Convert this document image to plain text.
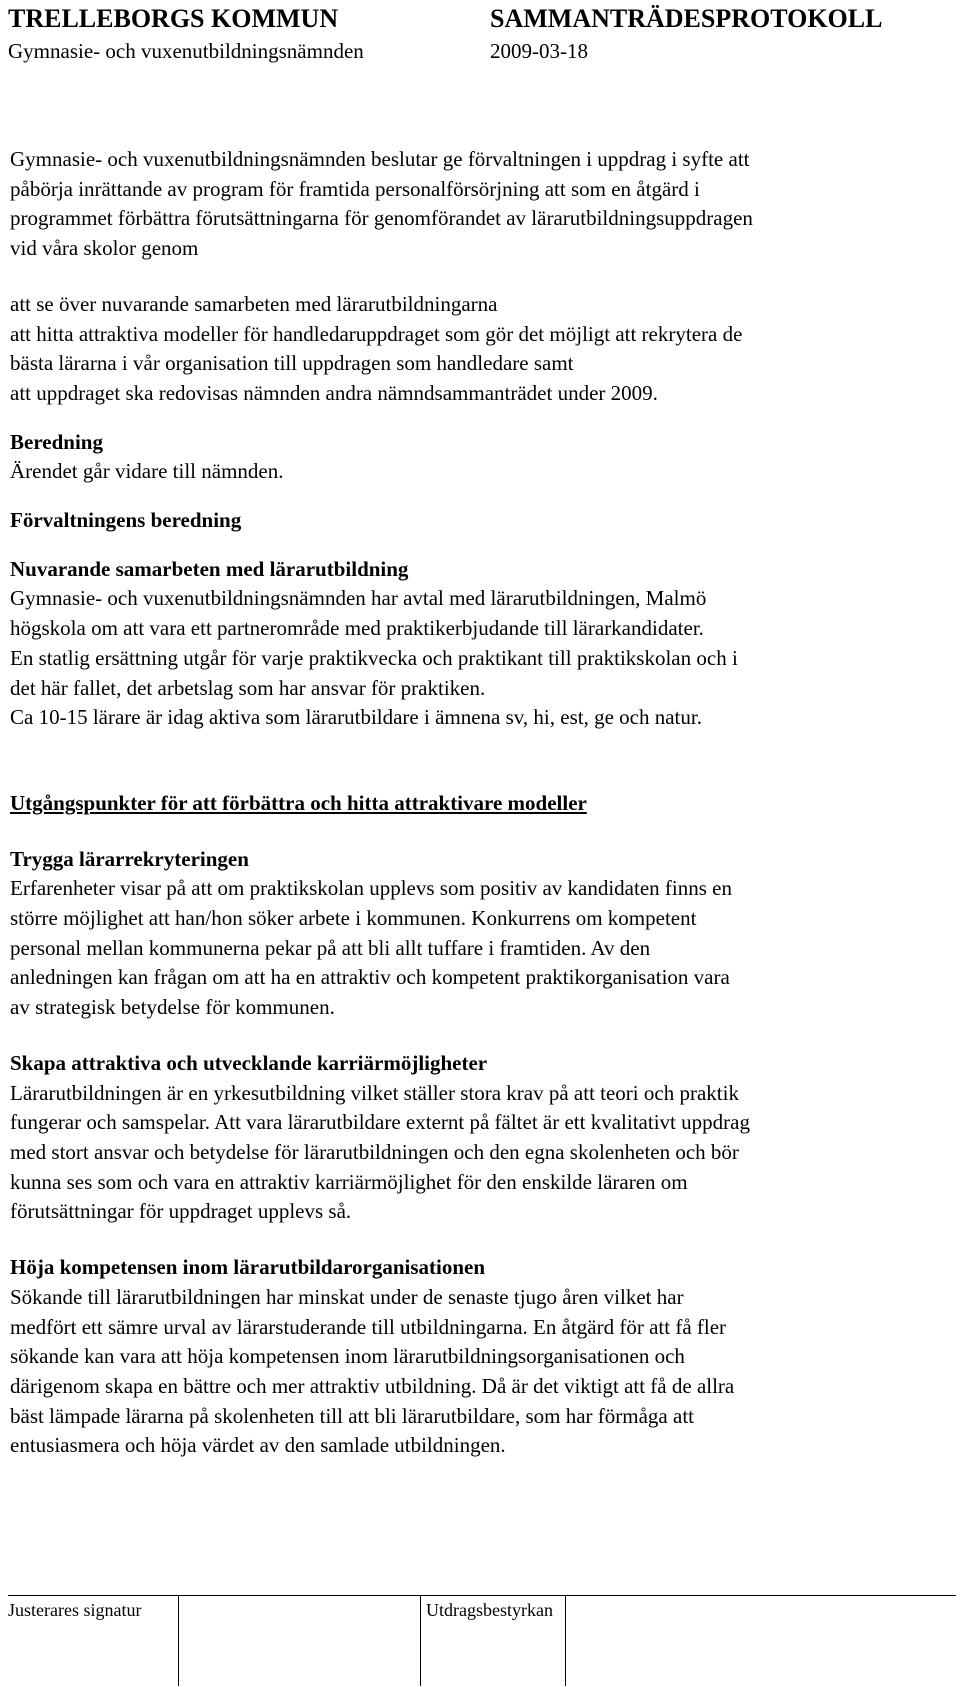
TRELLEBORGS KOMMUN	SAMMANTRÄDESPROTOKOLL
Gymnasie- och vuxenutbildningsnämnden	2009-03-18

Gymnasie- och vuxenutbildningsnämnden beslutar ge förvaltningen i uppdrag i syfte att

påbörja inrättande av program för framtida personalförsörjning att som en åtgärd i

programmet förbättra förutsättningarna för genomförandet av lärarutbildningsuppdragen

vid våra skolor genom

att se över nuvarande samarbeten med lärarutbildningarna

att hitta attraktiva modeller för handledaruppdraget som gör det möjligt att rekrytera de

bästa lärarna i vår organisation till uppdragen som handledare samt

att uppdraget ska redovisas nämnden andra nämndsammanträdet under 2009.

Beredning

Ärendet går vidare till nämnden.

Förvaltningens beredning

Nuvarande samarbeten med lärarutbildning

Gymnasie- och vuxenutbildningsnämnden har avtal med lärarutbildningen, Malmö

högskola om att vara ett partnerområde med praktikerbjudande till lärarkandidater.

En statlig ersättning utgår för varje praktikvecka och praktikant till praktikskolan och i

det här fallet, det arbetslag som har ansvar för praktiken.

Ca 10-15 lärare är idag aktiva som lärarutbildare i ämnena sv, hi, est, ge och natur.

Utgångspunkter för att förbättra och hitta attraktivare modeller

Trygga lärarrekryteringen

Erfarenheter visar på att om praktikskolan upplevs som positiv av kandidaten finns en

större möjlighet att han/hon söker arbete i kommunen. Konkurrens om kompetent

personal mellan kommunerna pekar på att bli allt tuffare i framtiden. Av den

anledningen kan frågan om att ha en attraktiv och kompetent praktikorganisation vara

av strategisk betydelse för kommunen.

Skapa attraktiva och utvecklande karriärmöjligheter

Lärarutbildningen är en yrkesutbildning vilket ställer stora krav på att teori och praktik

fungerar och samspelar. Att vara lärarutbildare externt på fältet är ett kvalitativt uppdrag

med stort ansvar och betydelse för lärarutbildningen och den egna skolenheten och bör

kunna ses som och vara en attraktiv karriärmöjlighet för den enskilde läraren om

förutsättningar för uppdraget upplevs så.

Höja kompetensen inom lärarutbildarorganisationen

Sökande till lärarutbildningen har minskat under de senaste tjugo åren vilket har

medfört ett sämre urval av lärarstuderande till utbildningarna. En åtgärd för att få fler

sökande kan vara att höja kompetensen inom lärarutbildningsorganisationen och

därigenom skapa en bättre och mer attraktiv utbildning. Då är det viktigt att få de allra

bäst lämpade lärarna på skolenheten till att bli lärarutbildare, som har förmåga att

entusiasmera och höja värdet av den samlade utbildningen.

Justerares signatur	Utdragsbestyrkan
